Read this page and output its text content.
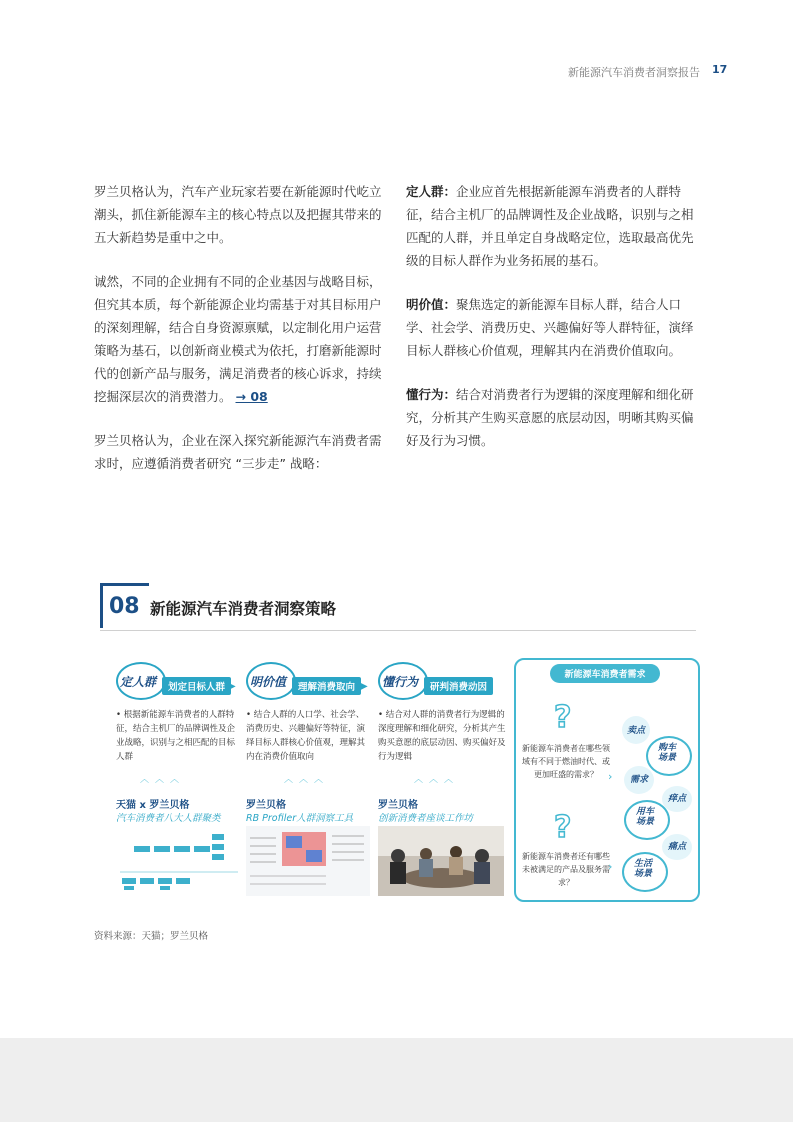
新能源汽车消费者洞察报告 17

罗兰贝格认为，汽车产业玩家若要在新能源时代屹立潮头，抓住新能源车主的核心特点以及把握其带来的五大新趋势是重中之中。

诚然，不同的企业拥有不同的企业基因与战略目标，但究其本质，每个新能源企业均需基于对其目标用户的深刻理解，结合自身资源禀赋，以定制化用户运营策略为基石，以创新商业模式为依托，打磨新能源时代的创新产品与服务，满足消费者的核心诉求，持续挖掘深层次的消费潜力。 → 08

罗兰贝格认为，企业在深入探究新能源汽车消费者需求时，应遵循消费者研究 “三步走” 战略：

定人群：企业应首先根据新能源车消费者的人群特征，结合主机厂的品牌调性及企业战略，识别与之相匹配的人群，并且单定自身战略定位，选取最高优先级的目标人群作为业务拓展的基石。

明价值：聚焦选定的新能源车目标人群，结合人口学、社会学、消费历史、兴趣偏好等人群特征，演绎目标人群核心价值观，理解其内在消费价值取向。

懂行为：结合对消费者行为逻辑的深度理解和细化研究，分析其产生购买意愿的底层动因，明晰其购买偏好及行为习惯。

08 新能源汽车消费者洞察策略
定人群	划定目标人群 ▶
• 根据新能源车消费者的人群特征，结合主机厂的品牌调性及企业战略，识别与之相匹配的目标人群
︿︿︿
天猫 x 罗兰贝格
汽车消费者八大人群聚类
明价值	理解消费取向 ▶
• 结合人群的人口学、社会学、消费历史、兴趣偏好等特征，演绎目标人群核心价值观，理解其内在消费价值取向
︿︿︿
罗兰贝格
RB Profiler人群洞察工具
懂行为	研判消费动因
• 结合对人群的消费者行为逻辑的深度理解和细化研究，分析其产生购买意愿的底层动因、购买偏好及行为逻辑
︿︿︿
罗兰贝格
创新消费者座谈工作坊
新能源车消费者需求
?
新能源车消费者在哪些领域有不同于燃油时代、或更加旺盛的需求？
?
新能源车消费者还有哪些未被满足的产品及服务需求？
›
›
卖点
购车场景
需求
痒点
用车场景
痛点
生活场景
资料来源：天猫；罗兰贝格
